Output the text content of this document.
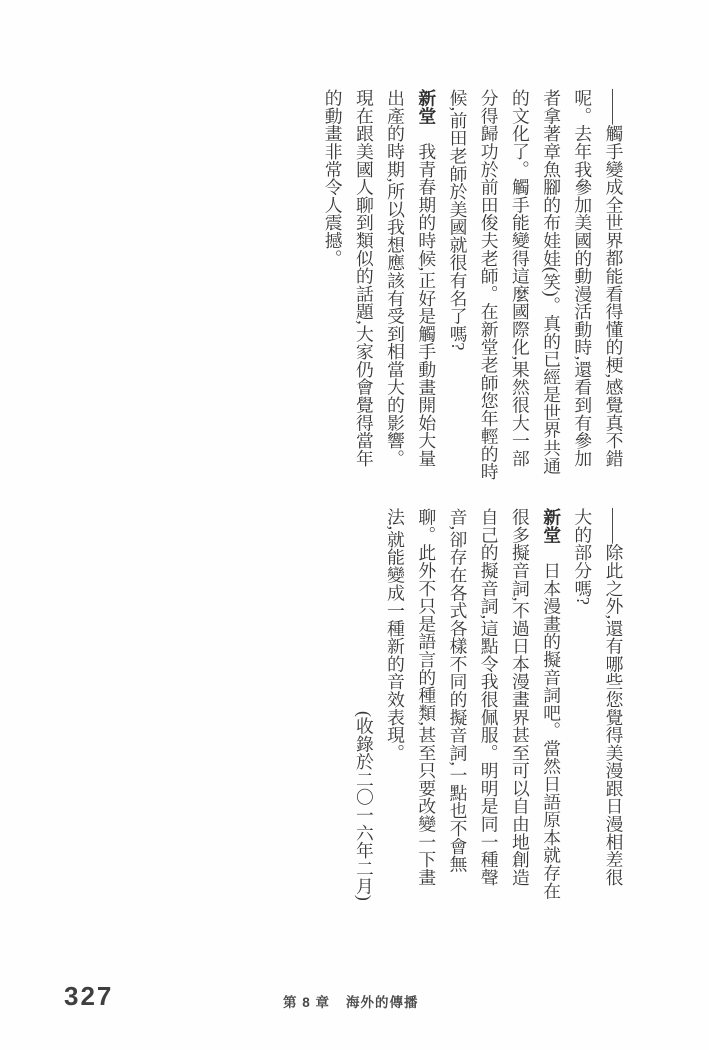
——觸手變成全世界都能看得懂的梗,感覺真不錯呢。去年我參加美國的動漫活動時,還看到有參加者拿著章魚腳的布娃娃(笑)。真的已經是世界共通的文化了。觸手能變得這麼國際化,果然很大一部分得歸功於前田俊夫老師。在新堂老師您年輕的時候,前田老師於美國就很有名了嗎?

新堂　我青春期的時候,正好是觸手動畫開始大量出產的時期,所以我想應該有受到相當大的影響。現在跟美國人聊到類似的話題,大家仍會覺得當年的動畫非常令人震撼。

——除此之外,還有哪些您覺得美漫跟日漫相差很大的部分嗎?

新堂　日本漫畫的擬音詞吧。當然日語原本就存在很多擬音詞,不過日本漫畫界甚至可以自由地創造自己的擬音詞,這點令我很佩服。明明是同一種聲音,卻存在各式各樣不同的擬音詞,一點也不會無聊。此外不只是語言的種類,甚至只要改變一下畫法,就能變成一種新的音效表現。

(收錄於二〇一六年二月)

327	第 8 章 海外的傳播
